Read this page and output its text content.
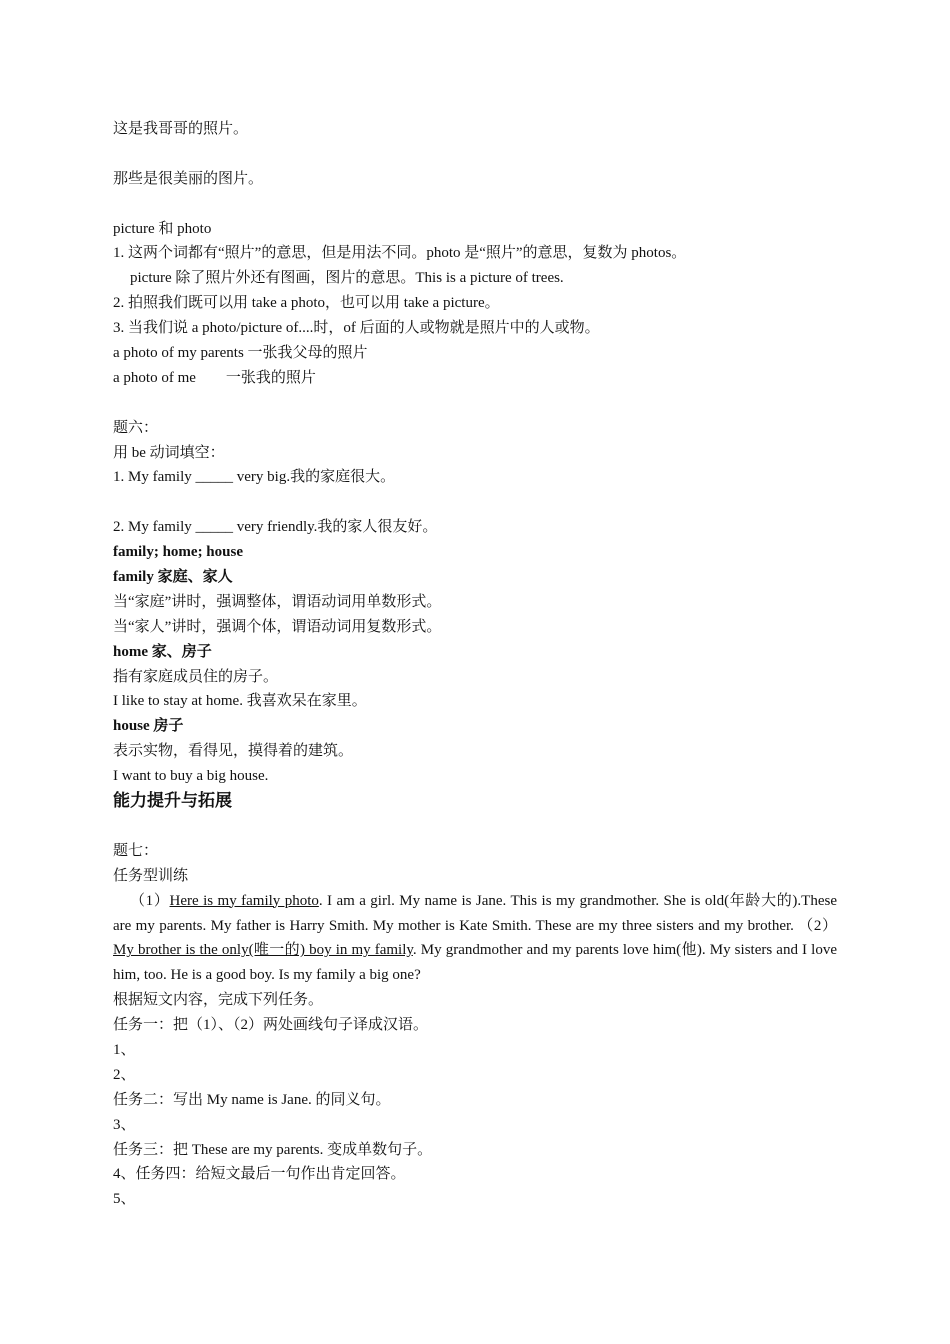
这是我哥哥的照片。
那些是很美丽的图片。
picture 和 photo
1. 这两个词都有“照片”的意思，但是用法不同。photo 是“照片”的意思，复数为 photos。
picture 除了照片外还有图画，图片的意思。This is a picture of trees.
2. 拍照我们既可以用 take a photo，也可以用 take a picture。
3. 当我们说 a photo/picture of....时，of 后面的人或物就是照片中的人或物。
a photo of my parents 一张我父母的照片
a photo of me        一张我的照片
题六：
用 be 动词填空：
1. My family _____ very big.我的家庭很大。
2. My family _____ very friendly.我的家人很友好。
family; home; house
family 家庭、家人
当“家庭”讲时，强调整体，谓语动词用单数形式。
当“家人”讲时，强调个体，谓语动词用复数形式。
home 家、房子
指有家庭成员住的房子。
I like to stay at home. 我喜欢呆在家里。
house 房子
表示实物，看得见，摸得着的建筑。
I want to buy a big house.
能力提升与拓展
题七：
任务型训练
（1）Here is my family photo. I am a girl. My name is Jane. This is my grandmother. She is old(年龄大的).These are my parents. My father is Harry Smith. My mother is Kate Smith. These are my three sisters and my brother. （2）My brother is the only(唯一的) boy in my family. My grandmother and my parents love him(他). My sisters and I love him, too. He is a good boy. Is my family a big one?
根据短文内容，完成下列任务。
任务一：把（1）、（2）两处画线句子译成汉语。
1、
2、
任务二：写出 My name is Jane. 的同义句。
3、
任务三：把 These are my parents. 变成单数句子。
4、任务四：给短文最后一句作出肯定回答。
5、
